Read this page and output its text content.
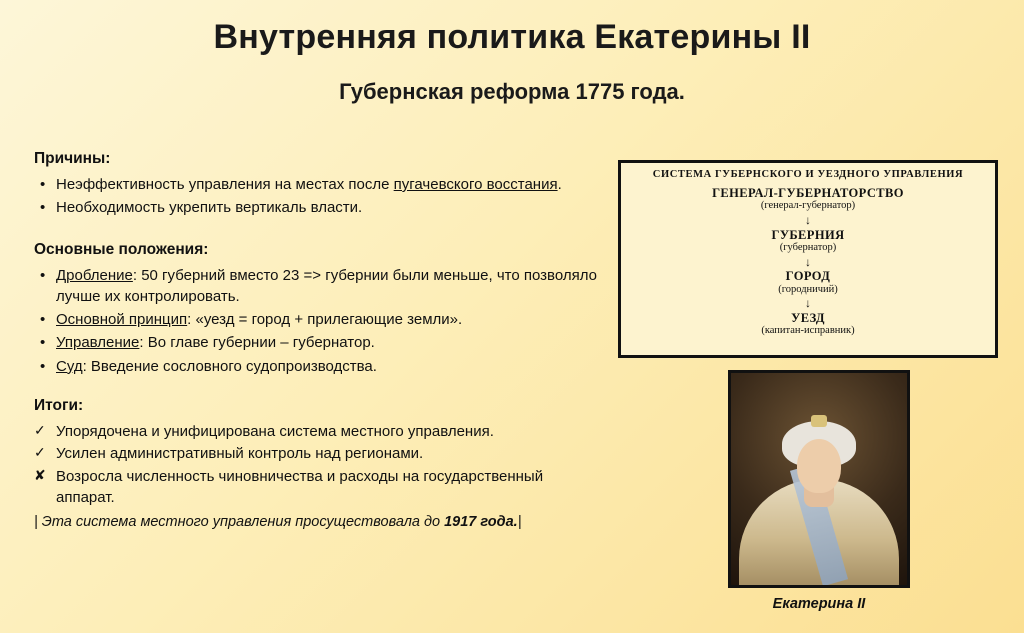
Внутренняя политика Екатерины II
Губернская реформа 1775 года.
Причины:
• Неэффективность управления на местах после пугачевского восстания.
• Необходимость укрепить вертикаль власти.
Основные положения:
• Дробление: 50 губерний вместо 23 => губернии были меньше, что позволяло лучше их контролировать.
• Основной принцип: «уезд = город + прилегающие земли».
• Управление: Во главе губернии – губернатор.
• Суд: Введение сословного судопроизводства.
Итоги:
✓ Упорядочена и унифицирована система местного управления.
✓ Усилен административный контроль над регионами.
✘ Возросла численность чиновничества и расходы на государственный аппарат.
| Эта система местного управления просуществовала до 1917 года.|
СИСТЕМА ГУБЕРНСКОГО И УЕЗДНОГО УПРАВЛЕНИЯ
ГЕНЕРАЛ-ГУБЕРНАТОРСТВО
(генерал-губернатор)
↓
ГУБЕРНИЯ
(губернатор)
↓
ГОРОД
(городничий)
↓
УЕЗД
(капитан-исправник)
Екатерина II
